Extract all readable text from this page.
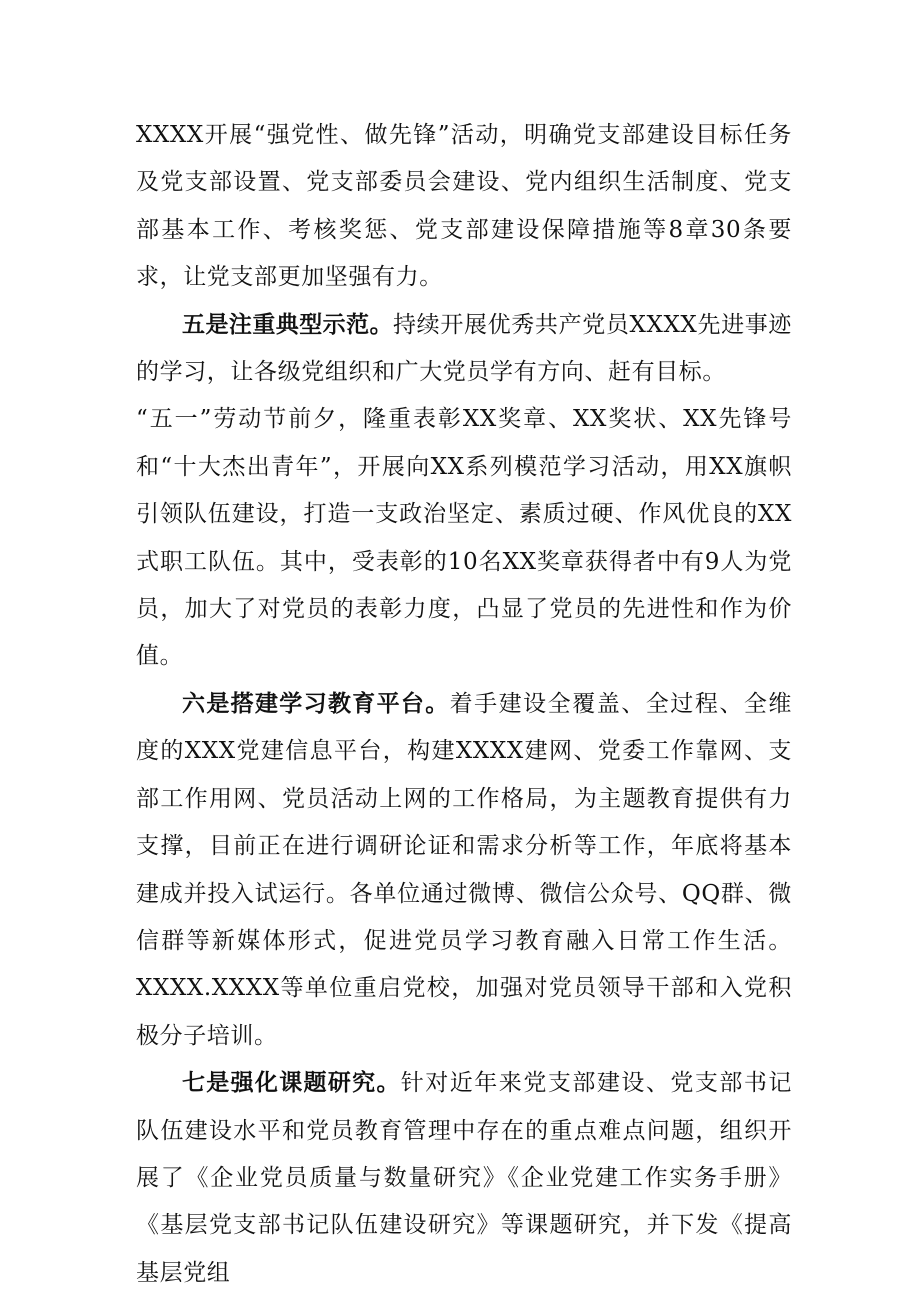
XXXX开展“强党性、做先锋”活动，明确党支部建设目标任务及党支部设置、党支部委员会建设、党内组织生活制度、党支部基本工作、考核奖惩、党支部建设保障措施等8章30条要求，让党支部更加坚强有力。

五是注重典型示范。持续开展优秀共产党员XXXX先进事迹的学习，让各级党组织和广大党员学有方向、赶有目标。

“五一”劳动节前夕，隆重表彰XX奖章、XX奖状、XX先锋号和“十大杰出青年”，开展向XX系列模范学习活动，用XX旗帜引领队伍建设，打造一支政治坚定、素质过硬、作风优良的XX式职工队伍。其中，受表彰的10名XX奖章获得者中有9人为党员，加大了对党员的表彰力度，凸显了党员的先进性和作为价值。

六是搭建学习教育平台。着手建设全覆盖、全过程、全维度的XXX党建信息平台，构建XXXX建网、党委工作靠网、支部工作用网、党员活动上网的工作格局，为主题教育提供有力支撑，目前正在进行调研论证和需求分析等工作，年底将基本建成并投入试运行。各单位通过微博、微信公众号、QQ群、微信群等新媒体形式，促进党员学习教育融入日常工作生活。XXXX.XXXX等单位重启党校，加强对党员领导干部和入党积极分子培训。

七是强化课题研究。针对近年来党支部建设、党支部书记队伍建设水平和党员教育管理中存在的重点难点问题，组织开展了《企业党员质量与数量研究》《企业党建工作实务手册》《基层党支部书记队伍建设研究》等课题研究，并下发《提高基层党组
